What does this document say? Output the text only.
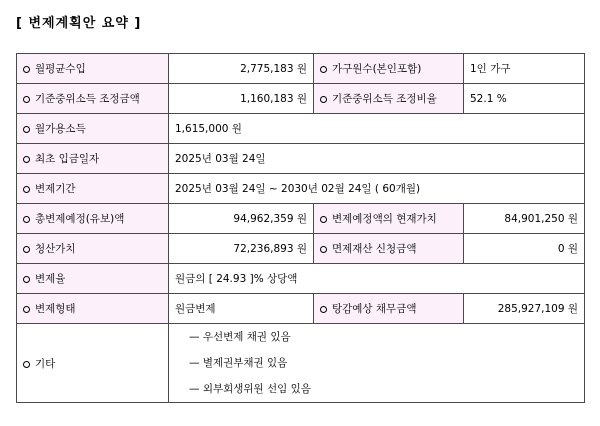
[ 변제계획안 요약 ]
월평균수입	2,775,183 원	가구원수(본인포함)	1인 가구
기준중위소득 조정금액	1,160,183 원	기준중위소득 조정비율	52.1 %
월가용소득	1,615,000 원		
최초 입금일자	2025년 03월 24일		
변제기간	2025년 03월 24일 ~ 2030년 02월 24일 ( 60개월)		
총변제예정(유보)액	94,962,359 원	변제예정액의 현재가치	84,901,250 원
청산가치	72,236,893 원	면제재산 신청금액	0 원
변제율	원금의 [ 24.93 ]% 상당액		
변제형태	원금변제	탕감예상 채무금액	285,927,109 원
기타	— 우선변제 채권 있음
— 별제권부채권 있음
— 외부회생위원 선임 있음		
